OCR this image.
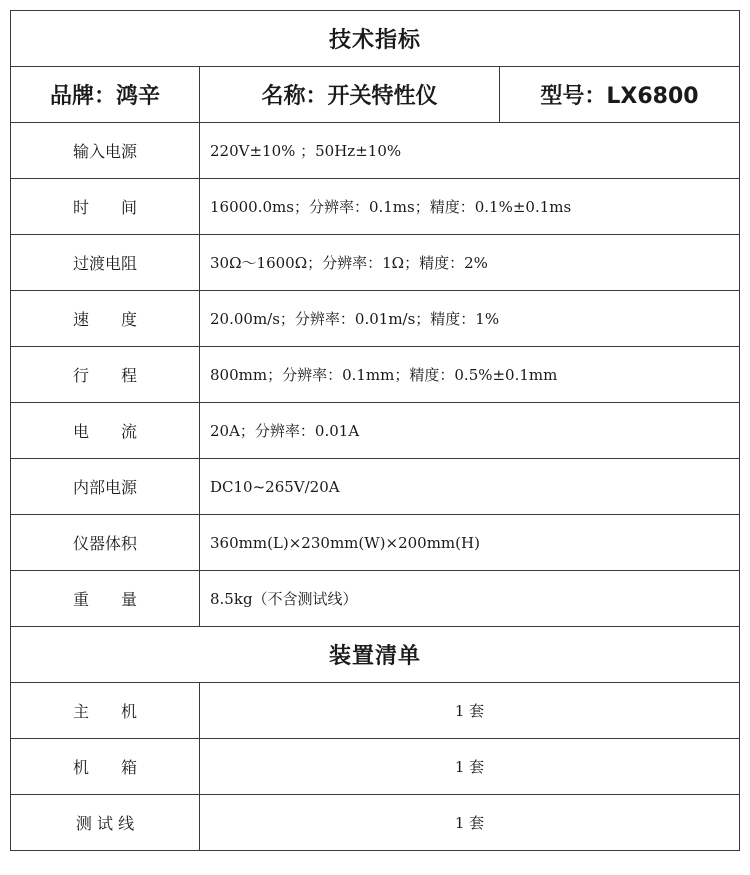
技术指标		
品牌：鸿辛	名称：开关特性仪	型号：LX6800
输入电源	220V±10% ；50Hz±10%	
时　　间	16000.0ms；分辨率：0.1ms；精度：0.1%±0.1ms	
过渡电阻	30Ω～1600Ω；分辨率：1Ω；精度：2%	
速　　度	20.00m/s；分辨率：0.01m/s；精度：1%	
行　　程	800mm；分辨率：0.1mm；精度：0.5%±0.1mm	
电　　流	20A；分辨率：0.01A	
内部电源	DC10~265V/20A	
仪器体积	360mm(L)×230mm(W)×200mm(H)	
重　　量	8.5kg（不含测试线）	
装置清单		
主　　机	1 套	
机　　箱	1 套	
测 试 线	1 套	
